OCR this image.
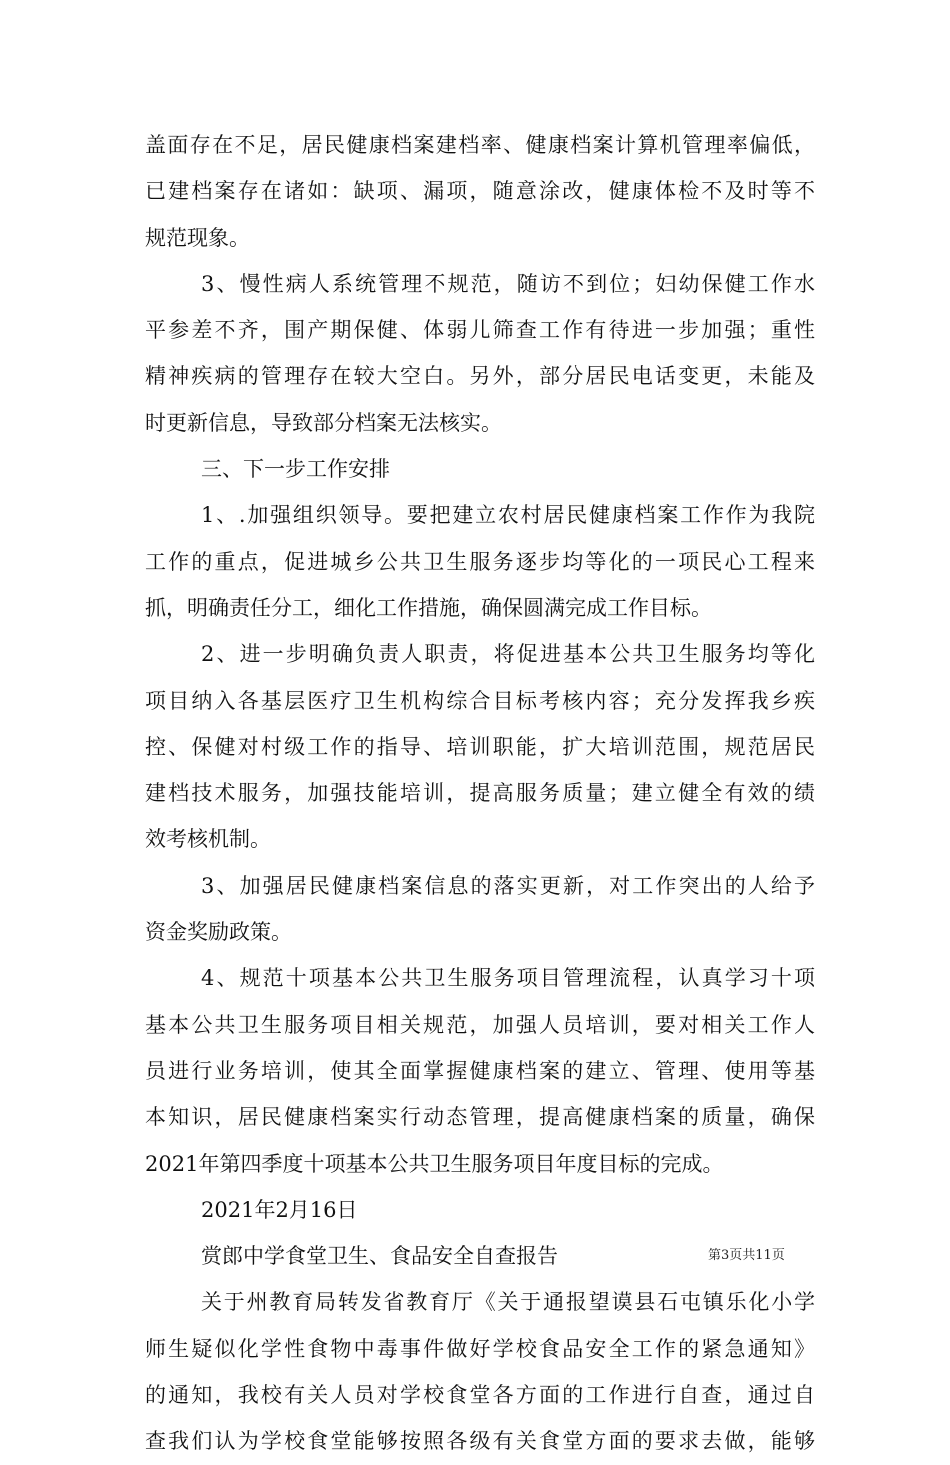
盖面存在不足，居民健康档案建档率、健康档案计算机管理率偏低，
已建档案存在诸如：缺项、漏项，随意涂改，健康体检不及时等不
规范现象。
3、慢性病人系统管理不规范，随访不到位；妇幼保健工作水
平参差不齐，围产期保健、体弱儿筛查工作有待进一步加强；重性
精神疾病的管理存在较大空白。另外，部分居民电话变更，未能及
时更新信息，导致部分档案无法核实。
三、下一步工作安排
1、.加强组织领导。要把建立农村居民健康档案工作作为我院
工作的重点，促进城乡公共卫生服务逐步均等化的一项民心工程来
抓，明确责任分工，细化工作措施，确保圆满完成工作目标。
2、进一步明确负责人职责，将促进基本公共卫生服务均等化
项目纳入各基层医疗卫生机构综合目标考核内容；充分发挥我乡疾
控、保健对村级工作的指导、培训职能，扩大培训范围，规范居民
建档技术服务，加强技能培训，提高服务质量；建立健全有效的绩
效考核机制。
3、加强居民健康档案信息的落实更新，对工作突出的人给予
资金奖励政策。
4、规范十项基本公共卫生服务项目管理流程，认真学习十项
基本公共卫生服务项目相关规范，加强人员培训，要对相关工作人
员进行业务培训，使其全面掌握健康档案的建立、管理、使用等基
本知识，居民健康档案实行动态管理，提高健康档案的质量，确保
2021年第四季度十项基本公共卫生服务项目年度目标的完成。
2021年2月16日
赏郎中学食堂卫生、食品安全自查报告
关于州教育局转发省教育厅《关于通报望谟县石屯镇乐化小学
师生疑似化学性食物中毒事件做好学校食品安全工作的紧急通知》
的通知，我校有关人员对学校食堂各方面的工作进行自查，通过自
查我们认为学校食堂能够按照各级有关食堂方面的要求去做，能够
第3页共11页
